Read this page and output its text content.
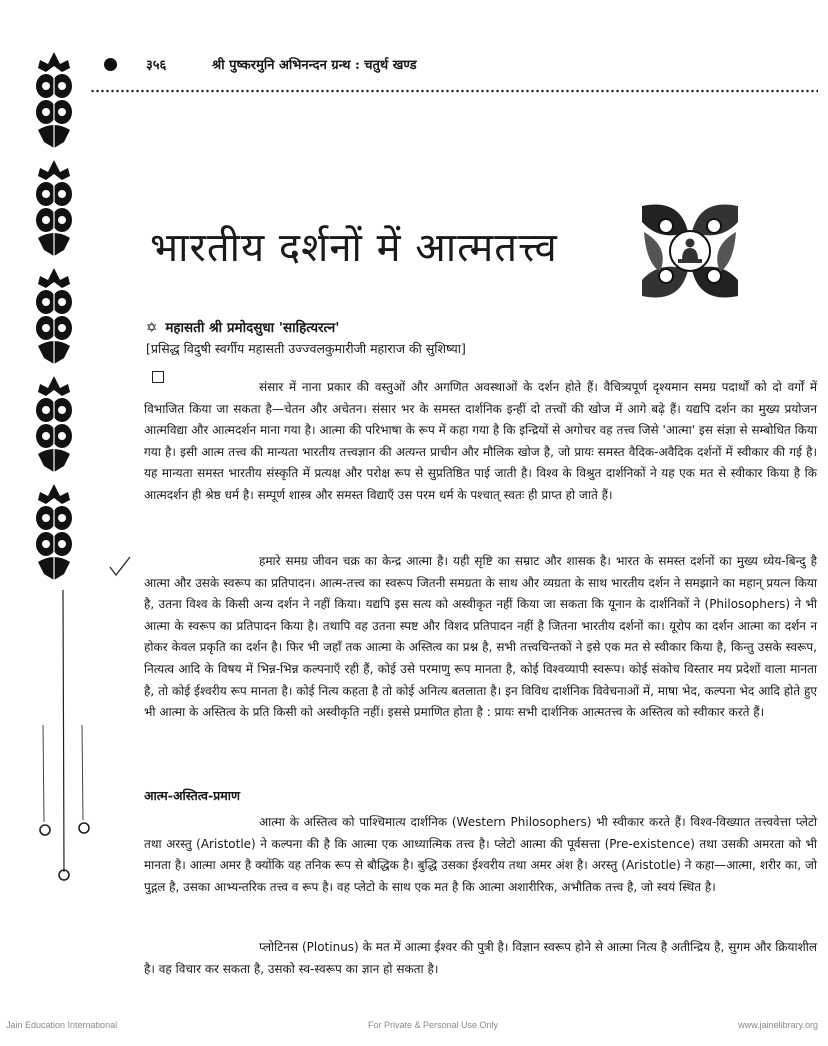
३५६	श्री पुष्करमुनि अभिनन्दन ग्रन्थ : चतुर्थ खण्ड
भारतीय दर्शनों में आत्मतत्त्व
✡ महासती श्री प्रमोदसुधा 'साहित्यरत्न'
[प्रसिद्ध विदुषी स्वर्गीय महासती उज्ज्वलकुमारीजी महाराज की सुशिष्या]

संसार में नाना प्रकार की वस्तुओं और अगणित अवस्थाओं के दर्शन होते हैं। वैचित्र्यपूर्ण दृश्यमान समग्र पदार्थों को दो वर्गों में विभाजित किया जा सकता है—चेतन और अचेतन। संसार भर के समस्त दार्शनिक इन्हीं दो तत्त्वों की खोज में आगे बढ़े हैं। यद्यपि दर्शन का मुख्य प्रयोजन आत्मविद्या और आत्मदर्शन माना गया है। आत्मा की परिभाषा के रूप में कहा गया है कि इन्द्रियों से अगोचर वह तत्त्व जिसे 'आत्मा' इस संज्ञा से सम्बोधित किया गया है। इसी आत्म तत्त्व की मान्यता भारतीय तत्त्वज्ञान की अत्यन्त प्राचीन और मौलिक खोज है, जो प्रायः समस्त वैदिक-अवैदिक दर्शनों में स्वीकार की गई है। यह मान्यता समस्त भारतीय संस्कृति में प्रत्यक्ष और परोक्ष रूप से सुप्रतिष्ठित पाई जाती है। विश्व के विश्रुत दार्शनिकों ने यह एक मत से स्वीकार किया है कि आत्मदर्शन ही श्रेष्ठ धर्म है। सम्पूर्ण शास्त्र और समस्त विद्याएँ उस परम धर्म के पश्चात् स्वतः ही प्राप्त हो जाते हैं।

हमारे समग्र जीवन चक्र का केन्द्र आत्मा है। यही सृष्टि का सम्राट और शासक है। भारत के समस्त दर्शनों का मुख्य ध्येय-बिन्दु है आत्मा और उसके स्वरूप का प्रतिपादन। आत्म-तत्त्व का स्वरूप जितनी समग्रता के साथ और व्यग्रता के साथ भारतीय दर्शन ने समझाने का महान् प्रयत्न किया है, उतना विश्व के किसी अन्य दर्शन ने नहीं किया। यद्यपि इस सत्य को अस्वीकृत नहीं किया जा सकता कि यूनान के दार्शनिकों ने (Philosophers) ने भी आत्मा के स्वरूप का प्रतिपादन किया है। तथापि वह उतना स्पष्ट और विशद प्रतिपादन नहीं है जितना भारतीय दर्शनों का। यूरोप का दर्शन आत्मा का दर्शन न होकर केवल प्रकृति का दर्शन है। फिर भी जहाँ तक आत्मा के अस्तित्व का प्रश्न है, सभी तत्त्वचिन्तकों ने इसे एक मत से स्वीकार किया है, किन्तु उसके स्वरूप, नित्यत्व आदि के विषय में भिन्न-भिन्न कल्पनाएँ रही हैं, कोई उसे परमाणु रूप मानता है, कोई विश्वव्यापी स्वरूप। कोई संकोच विस्तार मय प्रदेशों वाला मानता है, तो कोई ईश्वरीय रूप मानता है। कोई नित्य कहता है तो कोई अनित्य बतलाता है। इन विविध दार्शनिक विवेचनाओं में, माषा भेद, कल्पना भेद आदि होते हुए भी आत्मा के अस्तित्व के प्रति किसी को अस्वीकृति नहीं। इससे प्रमाणित होता है : प्रायः सभी दार्शनिक आत्मतत्त्व के अस्तित्व को स्वीकार करते हैं।

आत्म-अस्तित्व-प्रमाण

आत्मा के अस्तित्व को पाश्चिमात्य दार्शनिक (Western Philosophers) भी स्वीकार करते हैं। विश्व-विख्यात तत्त्ववेत्ता प्लेटो तथा अरस्तु (Aristotle) ने कल्पना की है कि आत्मा एक आध्यात्मिक तत्त्व है। प्लेटो आत्मा की पूर्वसत्ता (Pre-existence) तथा उसकी अमरता को भी मानता है। आत्मा अमर है क्योंकि वह तनिक रूप से बौद्धिक है। बुद्धि उसका ईश्वरीय तथा अमर अंश है। अरस्तु (Aristotle) ने कहा—आत्मा, शरीर का, जो पुद्गल है, उसका आभ्यन्तरिक तत्त्व व रूप है। वह प्लेटो के साथ एक मत है कि आत्मा अशारीरिक, अभौतिक तत्त्व है, जो स्वयं स्थित है।

प्लोटिनस (Plotinus) के मत में आत्मा ईश्वर की पुत्री है। विज्ञान स्वरूप होने से आत्मा नित्य है अतीन्द्रिय है, सुगम और क्रियाशील है। वह विचार कर सकता है, उसको स्व-स्वरूप का ज्ञान हो सकता है।

Jain Education International	For Private & Personal Use Only	www.jainelibrary.org
